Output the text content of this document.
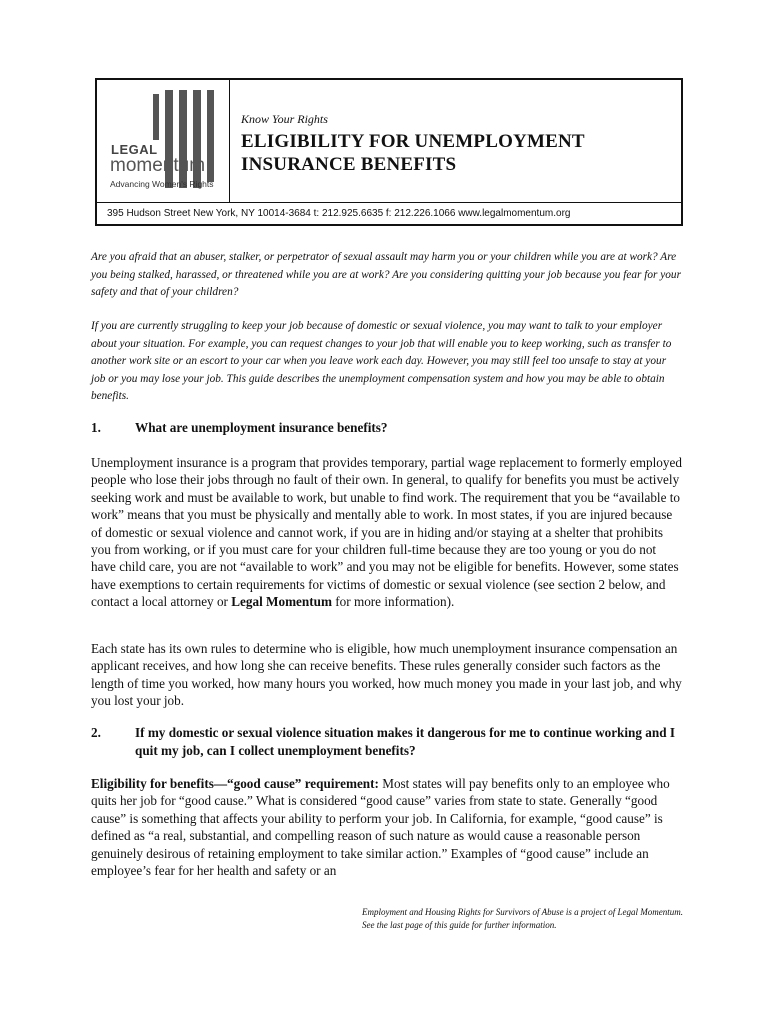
LEGAL
momentum
Advancing Women's Rights
Know Your Rights
ELIGIBILITY FOR UNEMPLOYMENT
INSURANCE BENEFITS
395 Hudson Street New York, NY 10014-3684 t: 212.925.6635 f: 212.226.1066 www.legalmomentum.org

Are you afraid that an abuser, stalker, or perpetrator of sexual assault may harm you or your children while you are at work? Are you being stalked, harassed, or threatened while you are at work? Are you considering quitting your job because you fear for your safety and that of your children?

If you are currently struggling to keep your job because of domestic or sexual violence, you may want to talk to your employer about your situation. For example, you can request changes to your job that will enable you to keep working, such as transfer to another work site or an escort to your car when you leave work each day. However, you may still feel too unsafe to stay at your job or you may lose your job. This guide describes the unemployment compensation system and how you may be able to obtain benefits.

1.	What are unemployment insurance benefits?

Unemployment insurance is a program that provides temporary, partial wage replacement to formerly employed people who lose their jobs through no fault of their own. In general, to qualify for benefits you must be actively seeking work and must be available to work, but unable to find work. The requirement that you be “available to work” means that you must be physically and mentally able to work. In most states, if you are injured because of domestic or sexual violence and cannot work, if you are in hiding and/or staying at a shelter that prohibits you from working, or if you must care for your children full-time because they are too young or you do not have child care, you are not “available to work” and you may not be eligible for benefits. However, some states have exemptions to certain requirements for victims of domestic or sexual violence (see section 2 below, and contact a local attorney or Legal Momentum for more information).

Each state has its own rules to determine who is eligible, how much unemployment insurance compensation an applicant receives, and how long she can receive benefits. These rules generally consider such factors as the length of time you worked, how many hours you worked, how much money you made in your last job, and why you lost your job.

2.	If my domestic or sexual violence situation makes it dangerous for me to continue working and I quit my job, can I collect unemployment benefits?

Eligibility for benefits—“good cause” requirement: Most states will pay benefits only to an employee who quits her job for “good cause.” What is considered “good cause” varies from state to state. Generally “good cause” is something that affects your ability to perform your job. In California, for example, “good cause” is defined as “a real, substantial, and compelling reason of such nature as would cause a reasonable person genuinely desirous of retaining employment to take similar action.” Examples of “good cause” include an employee’s fear for her health and safety or an

Employment and Housing Rights for Survivors of Abuse is a project of Legal Momentum. See the last page of this guide for further information.
